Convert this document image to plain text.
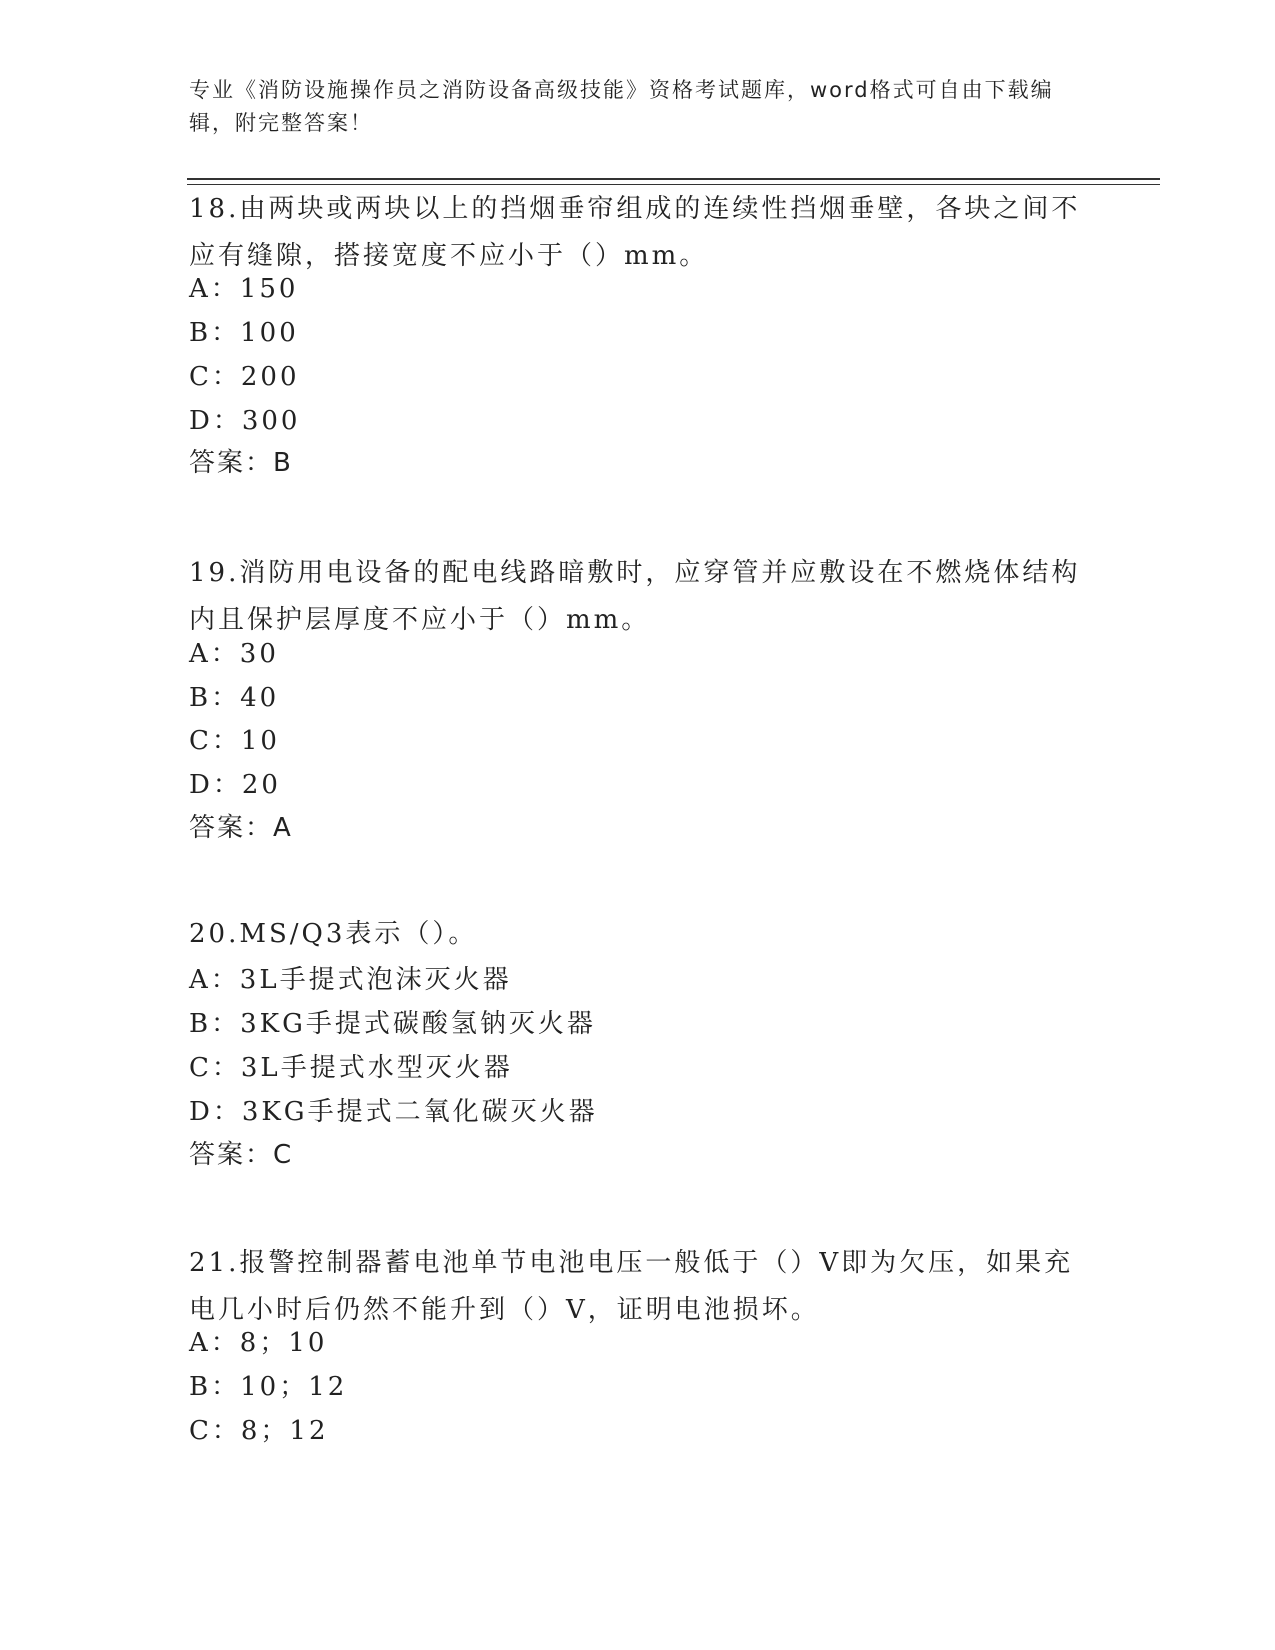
专业《消防设施操作员之消防设备高级技能》资格考试题库，word格式可自由下载编辑，附完整答案！
18.由两块或两块以上的挡烟垂帘组成的连续性挡烟垂壁，各块之间不应有缝隙，搭接宽度不应小于（）mm。
A：150
B：100
C：200
D：300
答案：B
19.消防用电设备的配电线路暗敷时，应穿管并应敷设在不燃烧体结构内且保护层厚度不应小于（）mm。
A：30
B：40
C：10
D：20
答案：A
20.MS/Q3表示（）。
A：3L手提式泡沫灭火器
B：3KG手提式碳酸氢钠灭火器
C：3L手提式水型灭火器
D：3KG手提式二氧化碳灭火器
答案：C
21.报警控制器蓄电池单节电池电压一般低于（）V即为欠压，如果充电几小时后仍然不能升到（）V，证明电池损坏。
A：8；10
B：10；12
C：8；12
